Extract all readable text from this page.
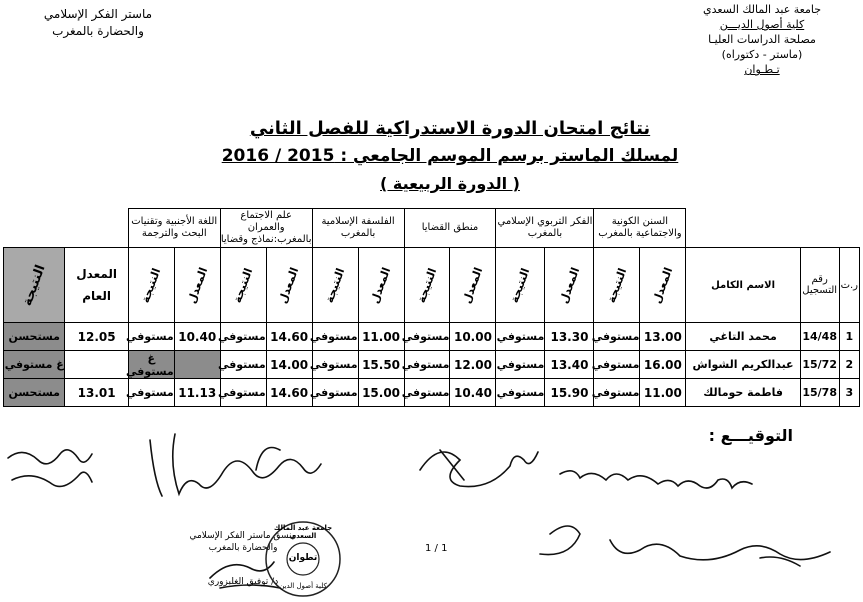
جامعة عبد المالك السعدي
كلية أصول الديـــن
مصلحة الدراسات العليـا
(ماستر - دكتوراه)
تـطـوان
ماستر الفكر الإسلامي
والحضارة بالمغرب
نتائج امتحان الدورة الاستدراكية للفصل الثاني
لمسلك الماستر برسم الموسم الجامعي : 2015 / 2016
( الدورة الربيعية )
			السنن الكونية والاجتماعية بالمغرب		الفكر التربوي الإسلامي بالمغرب		منطق القضايا		الفلسفة الإسلامية بالمغرب		علم الاجتماع والعمران بالمغرب:نماذج وقضايا		اللغة الأجنبية وتقنيات البحث والترجمة			
ر.ت	رقم التسجيل	الاسم الكامل	المعدل	النتيجة	المعدل	النتيجة	المعدل	النتيجة	المعدل	النتيجة	المعدل	النتيجة	المعدل	النتيجة	المعدل العام	النتيجة
1	14/48	محمد التاغي	13.00	مستوفي	13.30	مستوفي	10.00	مستوفي	11.00	مستوفي	14.60	مستوفي	10.40	مستوفي	12.05	مستحسن
2	15/72	عبدالكريم الشواش	16.00	مستوفي	13.40	مستوفي	12.00	مستوفي	15.50	مستوفي	14.00	مستوفي		غ مستوفي		غ مستوفي
3	15/78	فاطمة حومالك	11.00	مستوفي	15.90	مستوفي	10.40	مستوفي	15.00	مستوفي	14.60	مستوفي	11.13	مستوفي	13.01	مستحسن
التوقيـــع :
منسق ماستر الفكر الإسلامي
والحضارة بالمغرب
د/ توفيق الغلبزوري
جامعة عبد المالك السعدي
تطوان
كلية أصول الدين
1 / 1
